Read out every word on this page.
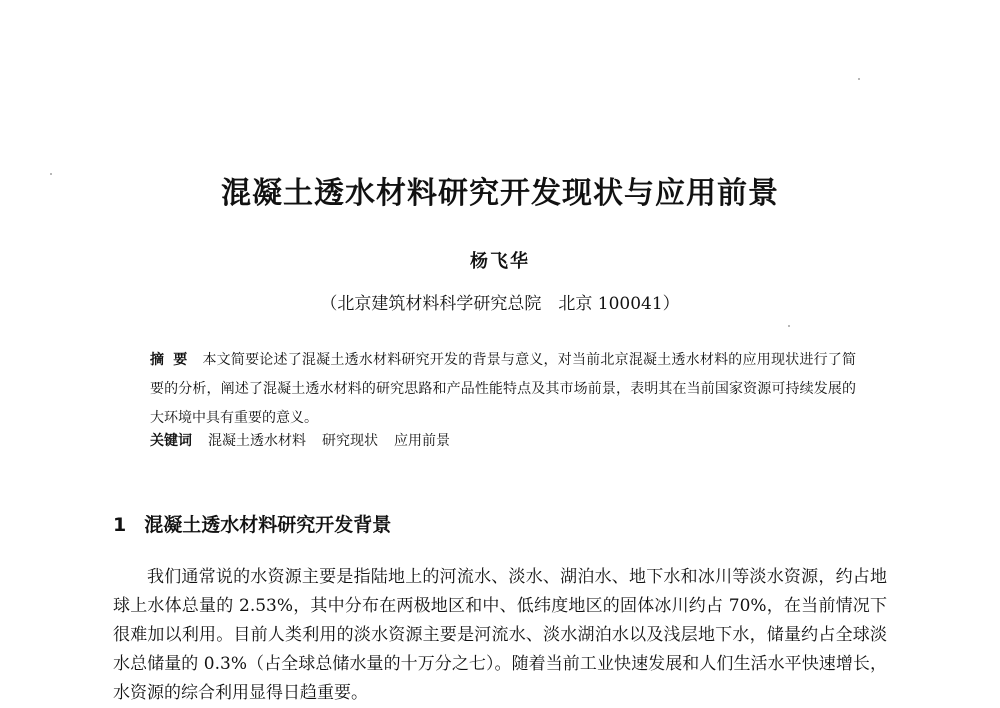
混凝土透水材料研究开发现状与应用前景
杨飞华
（北京建筑材料科学研究总院　北京 100041）
摘要 本文简要论述了混凝土透水材料研究开发的背景与意义，对当前北京混凝土透水材料的应用现状进行了简要的分析，阐述了混凝土透水材料的研究思路和产品性能特点及其市场前景，表明其在当前国家资源可持续发展的大环境中具有重要的意义。
关键词 混凝土透水材料 研究现状 应用前景
1 混凝土透水材料研究开发背景
我们通常说的水资源主要是指陆地上的河流水、淡水、湖泊水、地下水和冰川等淡水资源，约占地球上水体总量的 2.53%，其中分布在两极地区和中、低纬度地区的固体冰川约占 70%，在当前情况下很难加以利用。目前人类利用的淡水资源主要是河流水、淡水湖泊水以及浅层地下水，储量约占全球淡水总储量的 0.3%（占全球总储水量的十万分之七）。随着当前工业快速发展和人们生活水平快速增长，水资源的综合利用显得日趋重要。
